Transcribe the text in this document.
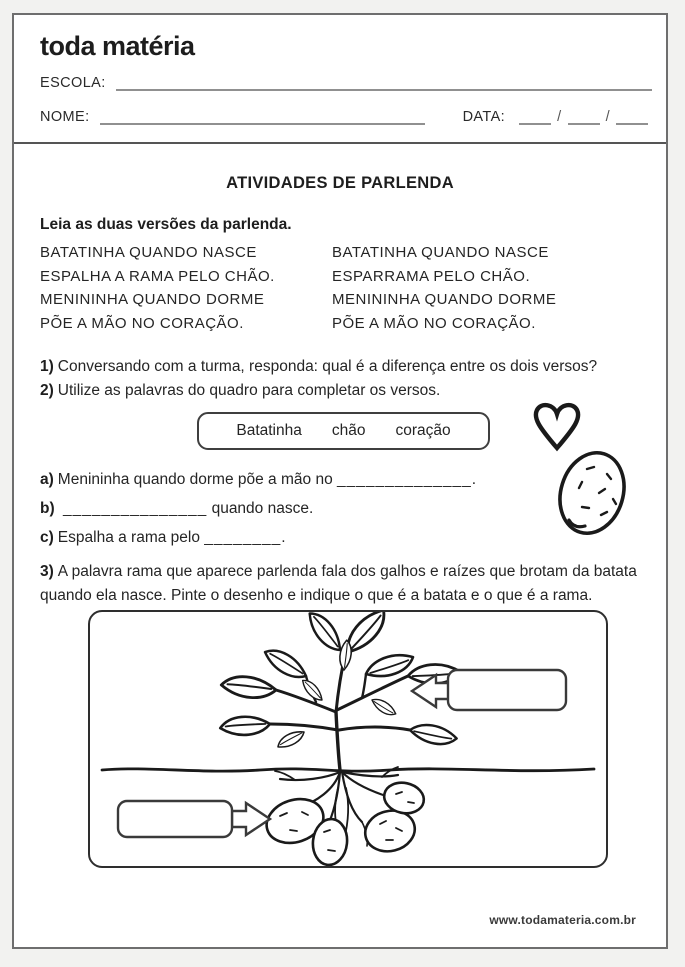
toda matéria
ESCOLA:
NOME:	DATA:	/	/
ATIVIDADES DE PARLENDA
Leia as duas versões da parlenda.
BATATINHA QUANDO NASCE
ESPALHA A RAMA PELO CHÃO.
MENININHA QUANDO DORME
PÕE A MÃO NO CORAÇÃO.
BATATINHA QUANDO NASCE
ESPARRAMA PELO CHÃO.
MENININHA QUANDO DORME
PÕE A MÃO NO CORAÇÃO.
1) Conversando com a turma, responda: qual é a diferença entre os dois versos?
2) Utilize as palavras do quadro para completar os versos.
Batatinha chão coração
a) Menininha quando dorme põe a mão no ______________.
b) _______________ quando nasce.
c) Espalha a rama pelo ________.
3) A palavra rama que aparece parlenda fala dos galhos e raízes que brotam da batata quando ela nasce. Pinte o desenho e indique o que é a batata e o que é a rama.
www.todamateria.com.br
